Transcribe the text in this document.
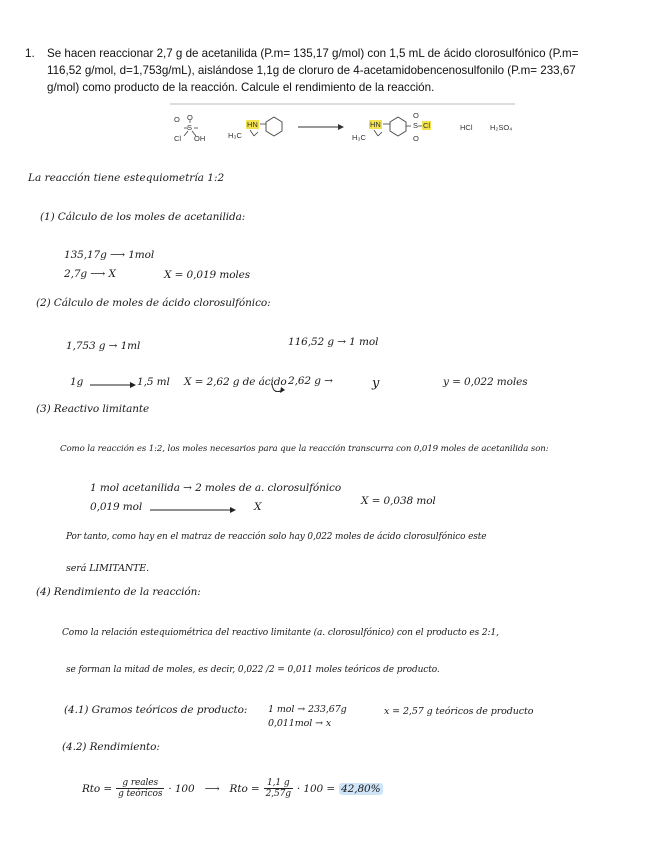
1. Se hacen reaccionar 2,7 g de acetanilida (P.m= 135,17 g/mol) con 1,5 mL de ácido clorosulfónico (P.m=
116,52 g/mol, d=1,753g/mL), aislándose 1,1g de cloruro de 4-acetamidobencenosulfonilo (P.m= 233,67
g/mol) como producto de la reacción. Calcule el rendimiento de la reacción.
O
S
O
Cl OH
HN
H₃C
HN
H₃C
S
O
O
Cl	HCl H₂SO₄
La reacción tiene estequiometría 1:2
(1) Cálculo de los moles de acetanilida:
135,17g ⟶ 1mol
2,7g ⟶ X	X = 0,019 moles
(2) Cálculo de moles de ácido clorosulfónico:
1,753 g → 1ml	116,52 g → 1 mol
1g	1,5 ml X = 2,62 g de ácido 2,62 g →	y	y = 0,022 moles
(3) Reactivo limitante
Como la reacción es 1:2, los moles necesarios para que la reacción transcurra con 0,019 moles de acetanilida son:
1 mol acetanilida → 2 moles de a. clorosulfónico
0,019 mol	X	X = 0,038 mol
Por tanto, como hay en el matraz de reacción solo hay 0,022 moles de ácido clorosulfónico este
será LIMITANTE.
(4) Rendimiento de la reacción:
Como la relación estequiométrica del reactivo limitante (a. clorosulfónico) con el producto es 2:1,
se forman la mitad de moles, es decir, 0,022 /2 = 0,011 moles teóricos de producto.
(4.1) Gramos teóricos de producto: 1 mol → 233,67g
0,011mol → x
x = 2,57 g teóricos de producto
(4.2) Rendimiento:
Rto = $\frac{\text{g reales}}{\text{g teóricos}} \cdot 100$ ⟶ Rto = $\frac{1,1 g}{2,57g} \cdot 100 = 42,80\%$
